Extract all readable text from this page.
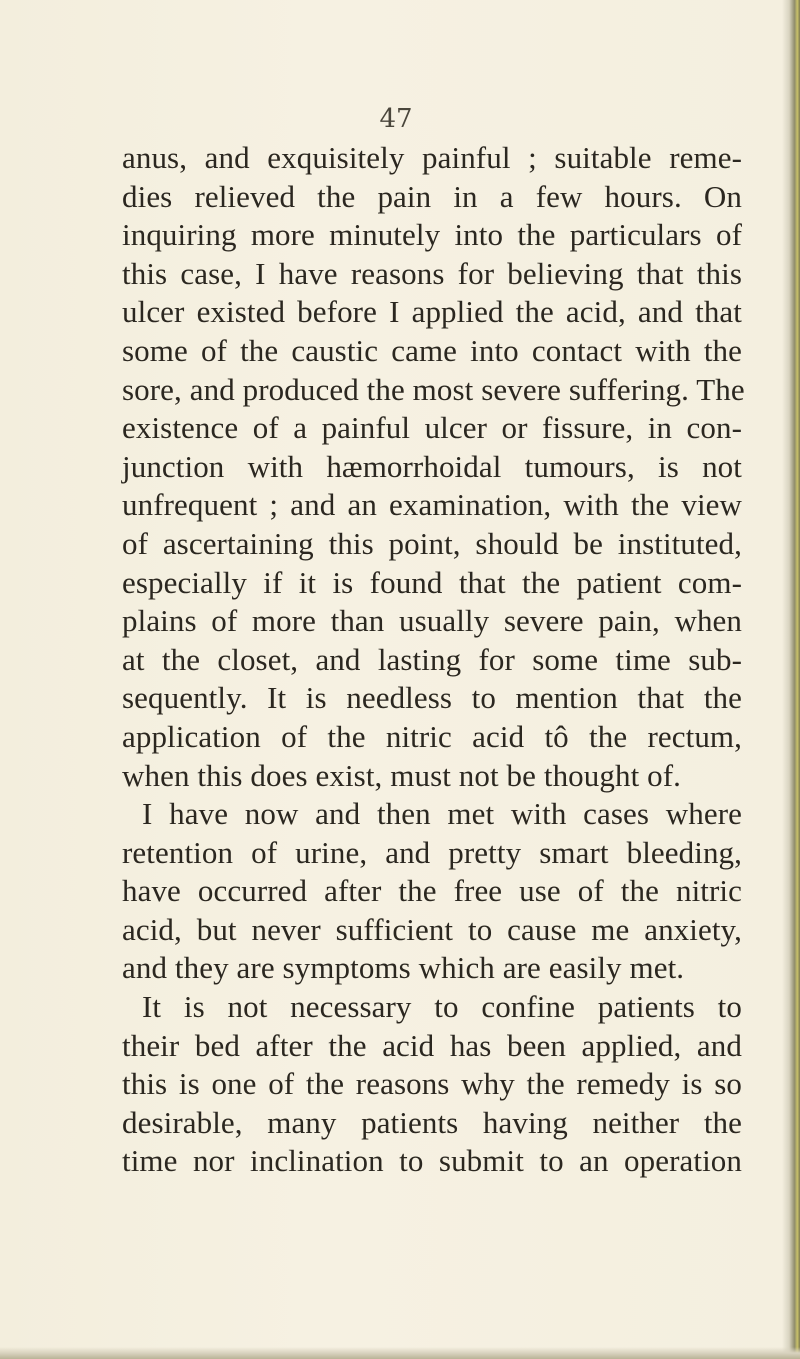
47
anus, and exquisitely painful ; suitable reme-
dies relieved the pain in a few hours. On
inquiring more minutely into the particulars of
this case, I have reasons for believing that this
ulcer existed before I applied the acid, and that
some of the caustic came into contact with the
sore, and produced the most severe suffering. The
existence of a painful ulcer or fissure, in con-
junction with hæmorrhoidal tumours, is not
unfrequent ; and an examination, with the view
of ascertaining this point, should be instituted,
especially if it is found that the patient com-
plains of more than usually severe pain, when
at the closet, and lasting for some time sub-
sequently. It is needless to mention that the
application of the nitric acid tô the rectum,
when this does exist, must not be thought of.
I have now and then met with cases where
retention of urine, and pretty smart bleeding,
have occurred after the free use of the nitric
acid, but never sufficient to cause me anxiety,
and they are symptoms which are easily met.
It is not necessary to confine patients to
their bed after the acid has been applied, and
this is one of the reasons why the remedy is so
desirable, many patients having neither the
time nor inclination to submit to an operation
